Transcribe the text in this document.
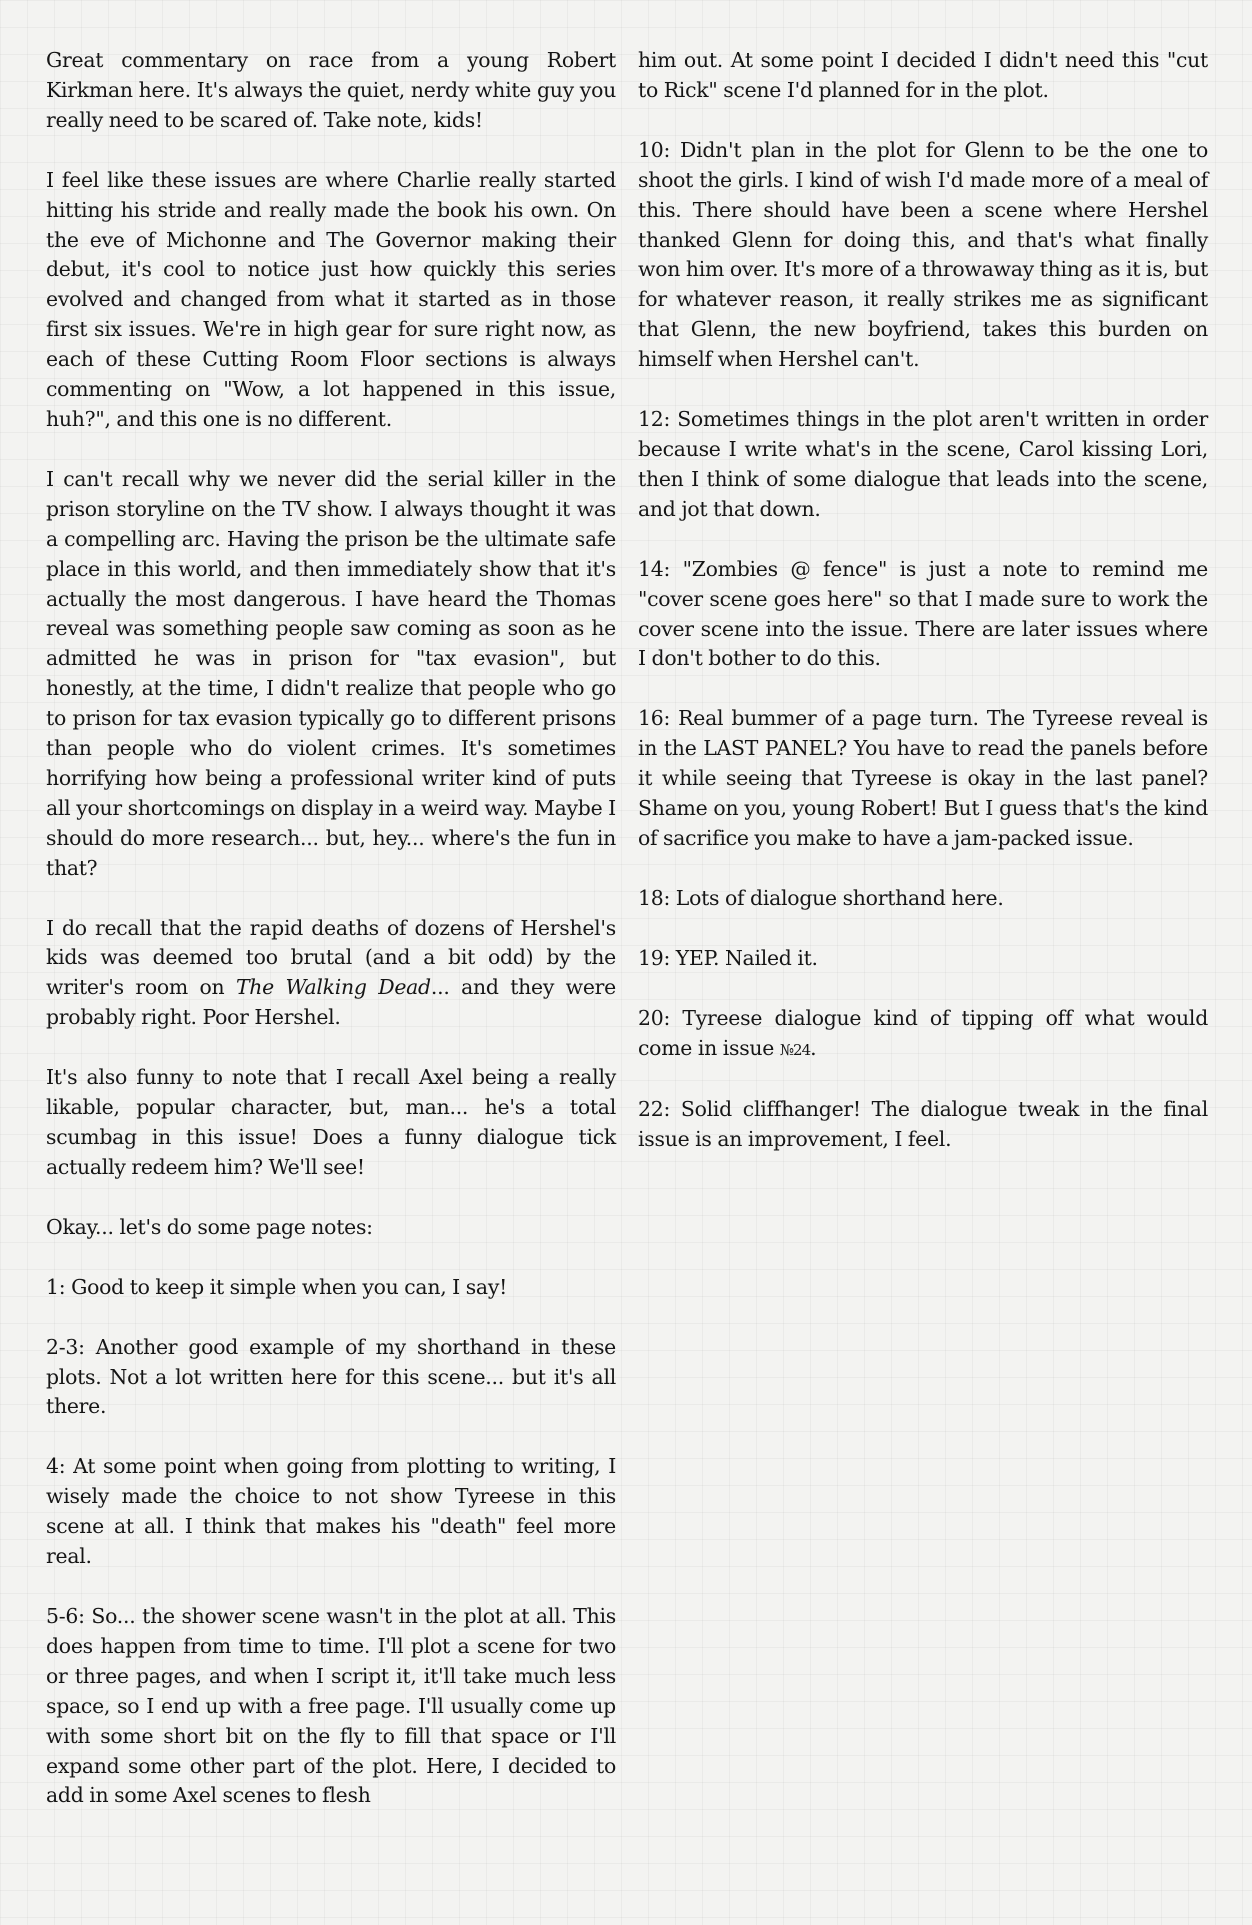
Great commentary on race from a young Robert Kirkman here. It's always the quiet, nerdy white guy you really need to be scared of. Take note, kids!

I feel like these issues are where Charlie really started hitting his stride and really made the book his own. On the eve of Michonne and The Governor making their debut, it's cool to notice just how quickly this series evolved and changed from what it started as in those first six issues. We're in high gear for sure right now, as each of these Cutting Room Floor sections is always commenting on "Wow, a lot happened in this issue, huh?", and this one is no different.

I can't recall why we never did the serial killer in the prison storyline on the TV show. I always thought it was a compelling arc. Having the prison be the ultimate safe place in this world, and then immediately show that it's actually the most dangerous. I have heard the Thomas reveal was something people saw coming as soon as he admitted he was in prison for "tax evasion", but honestly, at the time, I didn't realize that people who go to prison for tax evasion typically go to different prisons than people who do violent crimes. It's sometimes horrifying how being a professional writer kind of puts all your shortcomings on display in a weird way. Maybe I should do more research... but, hey... where's the fun in that?

I do recall that the rapid deaths of dozens of Hershel's kids was deemed too brutal (and a bit odd) by the writer's room on The Walking Dead... and they were probably right. Poor Hershel.

It's also funny to note that I recall Axel being a really likable, popular character, but, man... he's a total scumbag in this issue! Does a funny dialogue tick actually redeem him? We'll see!

Okay... let's do some page notes:

1: Good to keep it simple when you can, I say!

2-3: Another good example of my shorthand in these plots. Not a lot written here for this scene... but it's all there.

4: At some point when going from plotting to writing, I wisely made the choice to not show Tyreese in this scene at all. I think that makes his "death" feel more real.

5-6: So... the shower scene wasn't in the plot at all. This does happen from time to time. I'll plot a scene for two or three pages, and when I script it, it'll take much less space, so I end up with a free page. I'll usually come up with some short bit on the fly to fill that space or I'll expand some other part of the plot. Here, I decided to add in some Axel scenes to flesh

him out. At some point I decided I didn't need this "cut to Rick" scene I'd planned for in the plot.

10: Didn't plan in the plot for Glenn to be the one to shoot the girls. I kind of wish I'd made more of a meal of this. There should have been a scene where Hershel thanked Glenn for doing this, and that's what finally won him over. It's more of a throwaway thing as it is, but for whatever reason, it really strikes me as significant that Glenn, the new boyfriend, takes this burden on himself when Hershel can't.

12: Sometimes things in the plot aren't written in order because I write what's in the scene, Carol kissing Lori, then I think of some dialogue that leads into the scene, and jot that down.

14: "Zombies @ fence" is just a note to remind me "cover scene goes here" so that I made sure to work the cover scene into the issue. There are later issues where I don't bother to do this.

16: Real bummer of a page turn. The Tyreese reveal is in the LAST PANEL? You have to read the panels before it while seeing that Tyreese is okay in the last panel? Shame on you, young Robert! But I guess that's the kind of sacrifice you make to have a jam-packed issue.

18: Lots of dialogue shorthand here.

19: YEP. Nailed it.

20: Tyreese dialogue kind of tipping off what would come in issue №24.

22: Solid cliffhanger! The dialogue tweak in the final issue is an improvement, I feel.
